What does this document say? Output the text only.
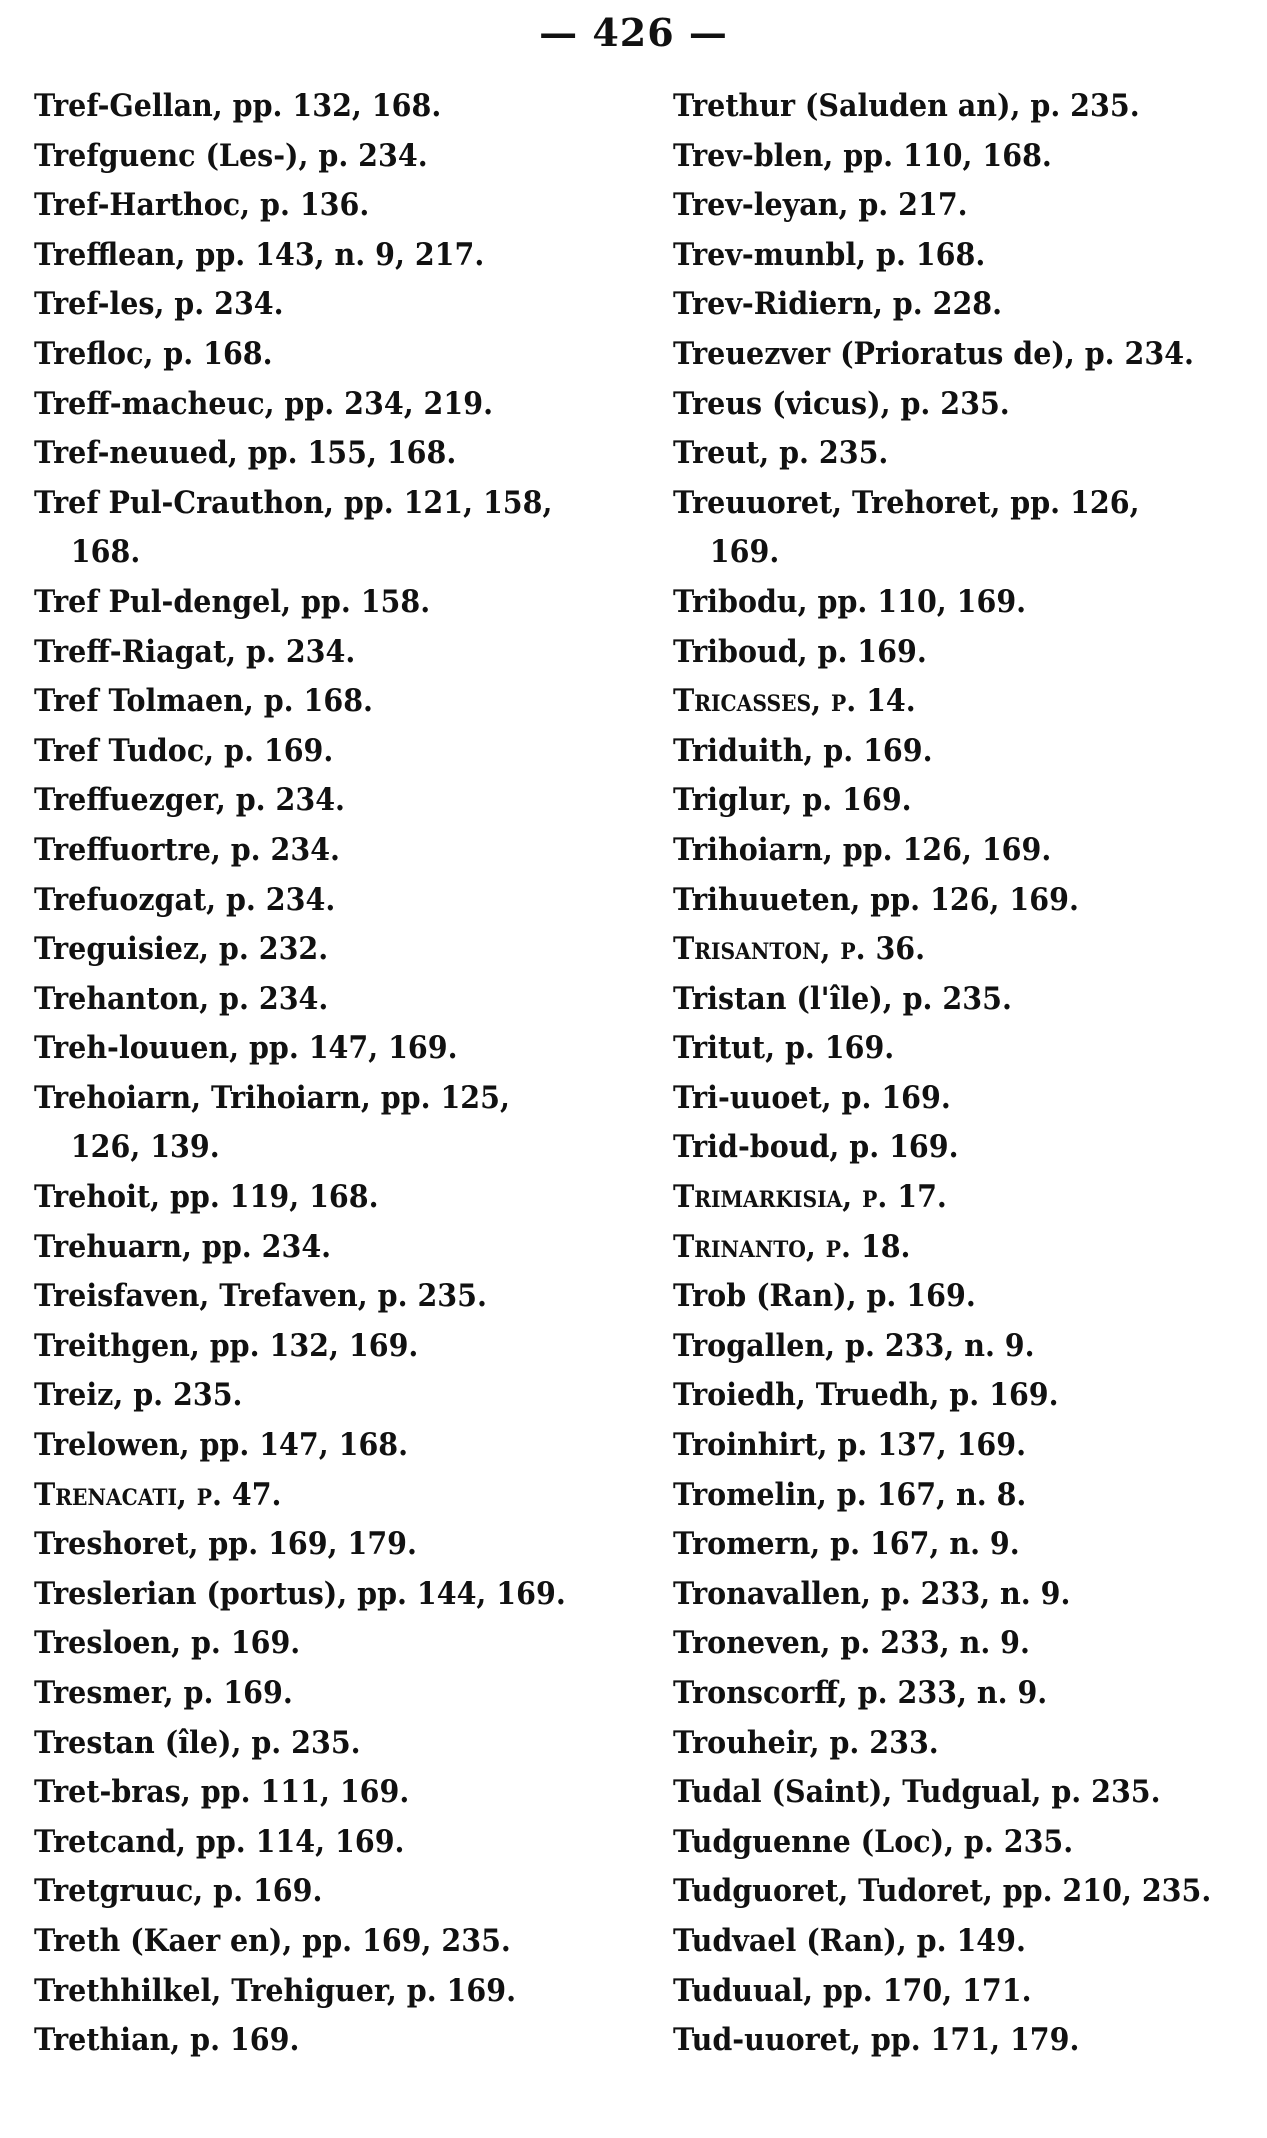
— 426 —
Tref-Gellan, pp. 132, 168.
Trefguenc (Les-), p. 234.
Tref-Harthoc, p. 136.
Trefflean, pp. 143, n. 9, 217.
Tref-les, p. 234.
Trefloc, p. 168.
Treff-macheuc, pp. 234, 219.
Tref-neuued, pp. 155, 168.
Tref Pul-Crauthon, pp. 121, 158,
168.
Tref Pul-dengel, pp. 158.
Treff-Riagat, p. 234.
Tref Tolmaen, p. 168.
Tref Tudoc, p. 169.
Treffuezger, p. 234.
Treffuortre, p. 234.
Trefuozgat, p. 234.
Treguisiez, p. 232.
Trehanton, p. 234.
Treh-louuen, pp. 147, 169.
Trehoiarn, Trihoiarn, pp. 125,
126, 139.
Trehoit, pp. 119, 168.
Trehuarn, pp. 234.
Treisfaven, Trefaven, p. 235.
Treithgen, pp. 132, 169.
Treiz, p. 235.
Trelowen, pp. 147, 168.
Trenacati, p. 47.
Treshoret, pp. 169, 179.
Treslerian (portus), pp. 144, 169.
Tresloen, p. 169.
Tresmer, p. 169.
Trestan (île), p. 235.
Tret-bras, pp. 111, 169.
Tretcand, pp. 114, 169.
Tretgruuc, p. 169.
Treth (Kaer en), pp. 169, 235.
Trethhilkel, Trehiguer, p. 169.
Trethian, p. 169.
Trethur (Saluden an), p. 235.
Trev-blen, pp. 110, 168.
Trev-leyan, p. 217.
Trev-munbl, p. 168.
Trev-Ridiern, p. 228.
Treuezver (Prioratus de), p. 234.
Treus (vicus), p. 235.
Treut, p. 235.
Treuuoret, Trehoret, pp. 126,
169.
Tribodu, pp. 110, 169.
Triboud, p. 169.
Tricasses, p. 14.
Triduith, p. 169.
Triglur, p. 169.
Trihoiarn, pp. 126, 169.
Trihuueten, pp. 126, 169.
Trisanton, p. 36.
Tristan (l'île), p. 235.
Tritut, p. 169.
Tri-uuoet, p. 169.
Trid-boud, p. 169.
Trimarkisia, p. 17.
Trinanto, p. 18.
Trob (Ran), p. 169.
Trogallen, p. 233, n. 9.
Troiedh, Truedh, p. 169.
Troinhirt, p. 137, 169.
Tromelin, p. 167, n. 8.
Tromern, p. 167, n. 9.
Tronavallen, p. 233, n. 9.
Troneven, p. 233, n. 9.
Tronscorff, p. 233, n. 9.
Trouheir, p. 233.
Tudal (Saint), Tudgual, p. 235.
Tudguenne (Loc), p. 235.
Tudguoret, Tudoret, pp. 210, 235.
Tudvael (Ran), p. 149.
Tuduual, pp. 170, 171.
Tud-uuoret, pp. 171, 179.
